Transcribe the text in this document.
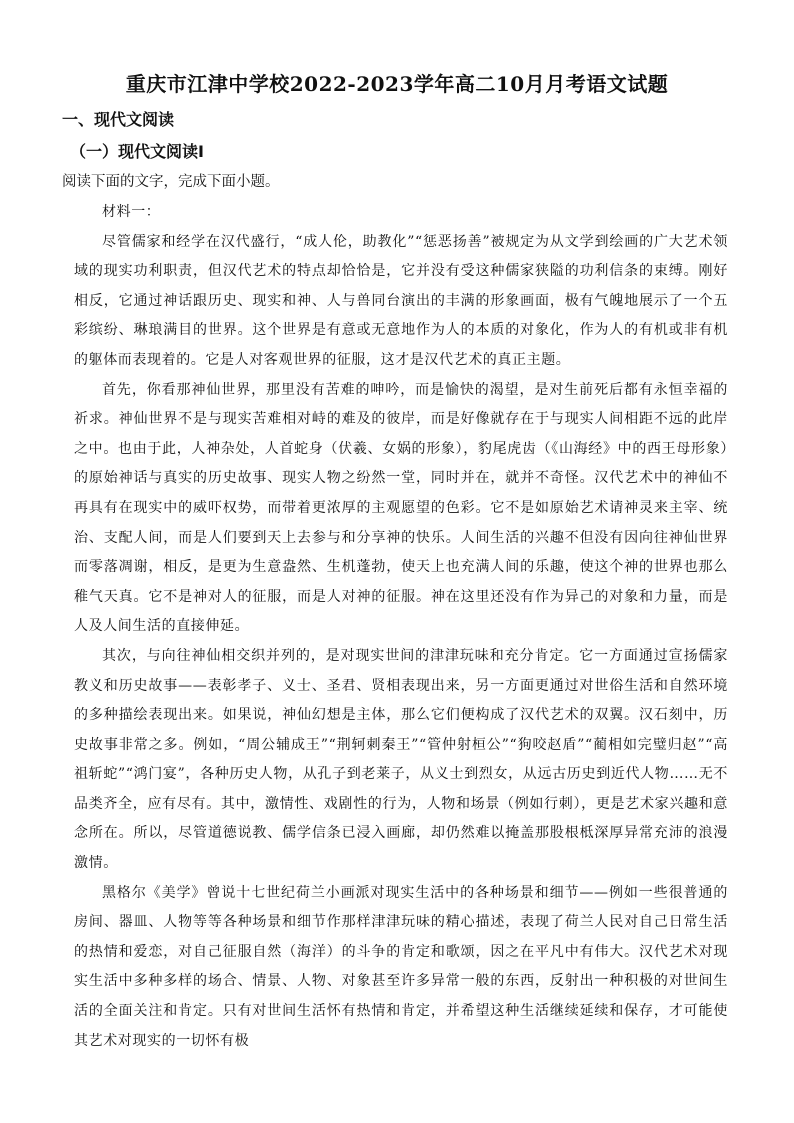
重庆市江津中学校2022-2023学年高二10月月考语文试题
一、现代文阅读
（一）现代文阅读Ⅰ
阅读下面的文字，完成下面小题。

材料一：

尽管儒家和经学在汉代盛行，“成人伦，助教化”“惩恶扬善”被规定为从文学到绘画的广大艺术领域的现实功利职责，但汉代艺术的特点却恰恰是，它并没有受这种儒家狭隘的功利信条的束缚。刚好相反，它通过神话跟历史、现实和神、人与兽同台演出的丰满的形象画面，极有气魄地展示了一个五彩缤纷、琳琅满目的世界。这个世界是有意或无意地作为人的本质的对象化，作为人的有机或非有机的躯体而表现着的。它是人对客观世界的征服，这才是汉代艺术的真正主题。

首先，你看那神仙世界，那里没有苦难的呻吟，而是愉快的渴望，是对生前死后都有永恒幸福的祈求。神仙世界不是与现实苦难相对峙的难及的彼岸，而是好像就存在于与现实人间相距不远的此岸之中。也由于此，人神杂处，人首蛇身（伏羲、女娲的形象），豹尾虎齿（《山海经》中的西王母形象）的原始神话与真实的历史故事、现实人物之纷然一堂，同时并在，就并不奇怪。汉代艺术中的神仙不再具有在现实中的威吓权势，而带着更浓厚的主观愿望的色彩。它不是如原始艺术请神灵来主宰、统治、支配人间，而是人们要到天上去参与和分享神的快乐。人间生活的兴趣不但没有因向往神仙世界而零落凋谢，相反，是更为生意盎然、生机蓬勃，使天上也充满人间的乐趣，使这个神的世界也那么稚气天真。它不是神对人的征服，而是人对神的征服。神在这里还没有作为异己的对象和力量，而是人及人间生活的直接伸延。

其次，与向往神仙相交织并列的，是对现实世间的津津玩味和充分肯定。它一方面通过宣扬儒家教义和历史故事——表彰孝子、义士、圣君、贤相表现出来，另一方面更通过对世俗生活和自然环境的多种描绘表现出来。如果说，神仙幻想是主体，那么它们便构成了汉代艺术的双翼。汉石刻中，历史故事非常之多。例如，“周公辅成王”“荆轲刺秦王”“管仲射桓公”“狗咬赵盾”“蔺相如完璧归赵”“高祖斩蛇”“鸿门宴”，各种历史人物，从孔子到老莱子，从义士到烈女，从远古历史到近代人物……无不品类齐全，应有尽有。其中，激情性、戏剧性的行为，人物和场景（例如行刺），更是艺术家兴趣和意念所在。所以，尽管道德说教、儒学信条已浸入画廊，却仍然难以掩盖那股根柢深厚异常充沛的浪漫激情。

黑格尔《美学》曾说十七世纪荷兰小画派对现实生活中的各种场景和细节——例如一些很普通的房间、器皿、人物等等各种场景和细节作那样津津玩味的精心描述，表现了荷兰人民对自己日常生活的热情和爱恋，对自己征服自然（海洋）的斗争的肯定和歌颂，因之在平凡中有伟大。汉代艺术对现实生活中多种多样的场合、情景、人物、对象甚至许多异常一般的东西，反射出一种积极的对世间生活的全面关注和肯定。只有对世间生活怀有热情和肯定，并希望这种生活继续延续和保存，才可能使其艺术对现实的一切怀有极
